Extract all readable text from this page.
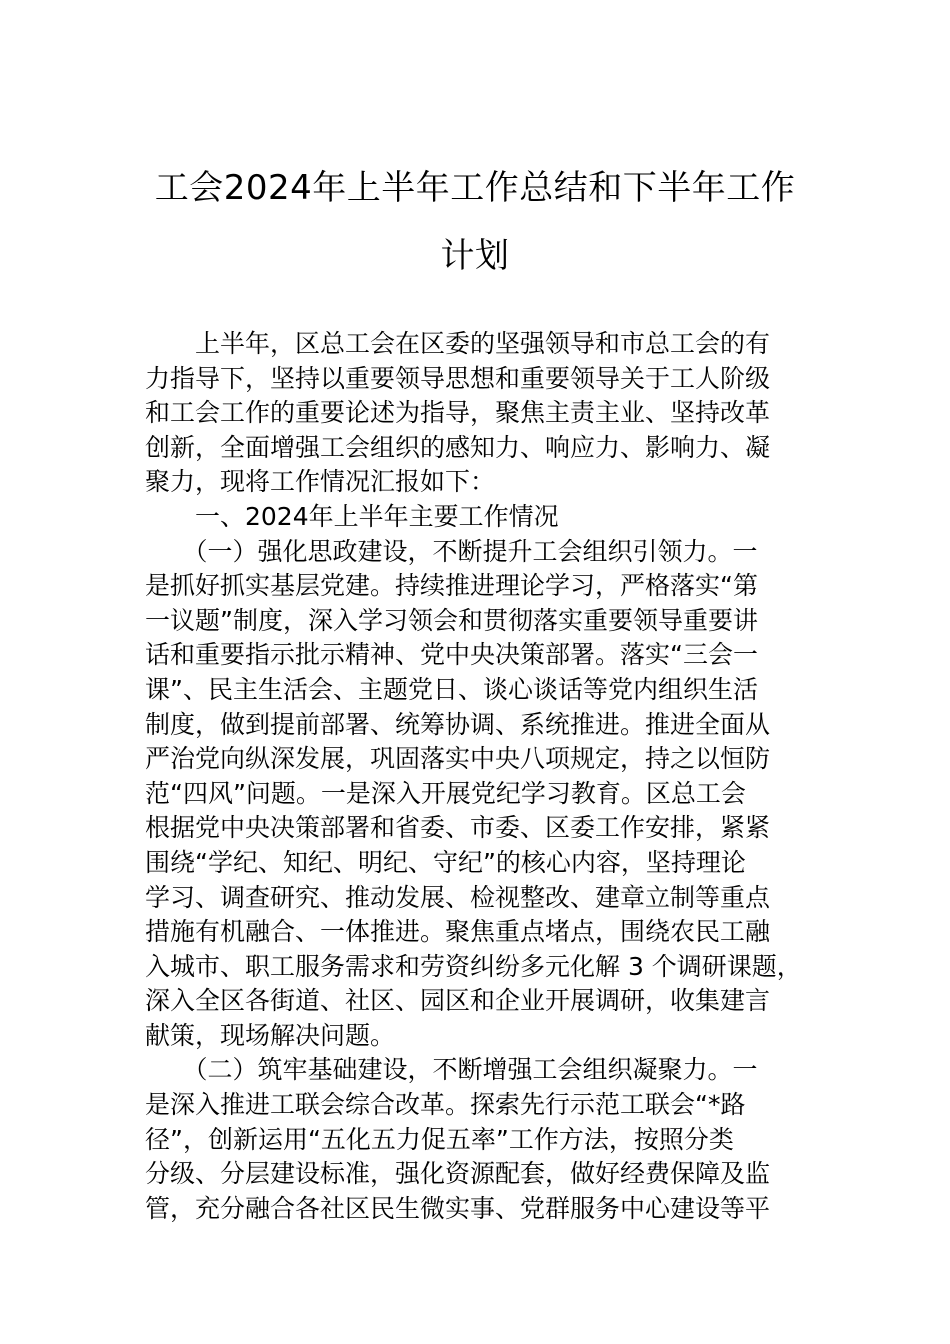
工会2024年上半年工作总结和下半年工作
计划
　　上半年，区总工会在区委的坚强领导和市总工会的有
力指导下，坚持以重要领导思想和重要领导关于工人阶级
和工会工作的重要论述为指导，聚焦主责主业、坚持改革
创新，全面增强工会组织的感知力、响应力、影响力、凝
聚力，现将工作情况汇报如下：
　　一、2024年上半年主要工作情况
　　（一）强化思政建设，不断提升工会组织引领力。一
是抓好抓实基层党建。持续推进理论学习，严格落实“第
一议题”制度，深入学习领会和贯彻落实重要领导重要讲
话和重要指示批示精神、党中央决策部署。落实“三会一
课”、民主生活会、主题党日、谈心谈话等党内组织生活
制度，做到提前部署、统筹协调、系统推进。推进全面从
严治党向纵深发展，巩固落实中央八项规定，持之以恒防
范“四风”问题。一是深入开展党纪学习教育。区总工会
根据党中央决策部署和省委、市委、区委工作安排，紧紧
围绕“学纪、知纪、明纪、守纪”的核心内容，坚持理论
学习、调查研究、推动发展、检视整改、建章立制等重点
措施有机融合、一体推进。聚焦重点堵点，围绕农民工融
入城市、职工服务需求和劳资纠纷多元化解 3 个调研课题，
深入全区各街道、社区、园区和企业开展调研，收集建言
献策，现场解决问题。
　　（二）筑牢基础建设，不断增强工会组织凝聚力。一
是深入推进工联会综合改革。探索先行示范工联会“*路
径”，创新运用“五化五力促五率”工作方法，按照分类
分级、分层建设标准，强化资源配套，做好经费保障及监
管，充分融合各社区民生微实事、党群服务中心建设等平
